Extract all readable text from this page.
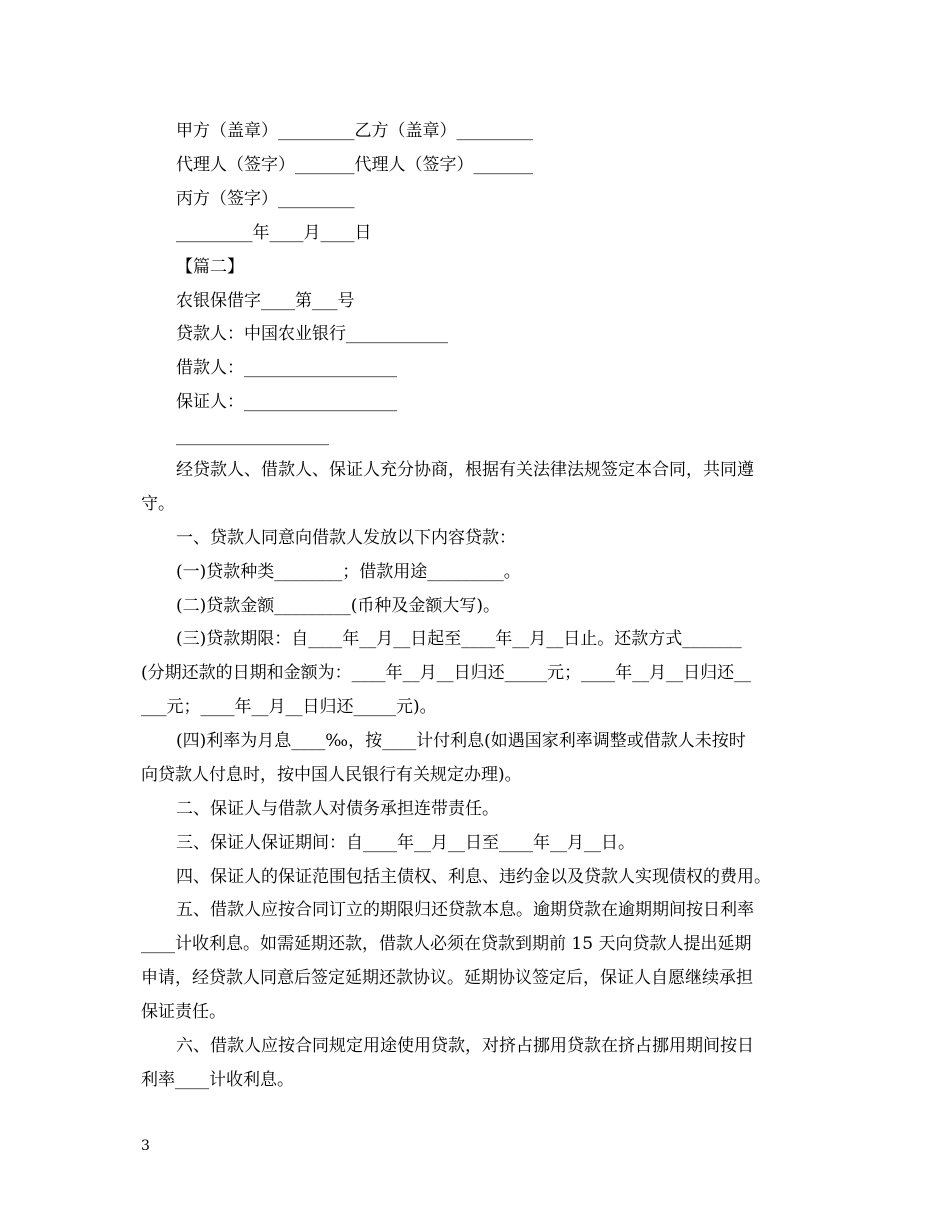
甲方（盖章）_________乙方（盖章）_________
代理人（签字）_______代理人（签字）_______
丙方（签字）_________
_________年____月____日
【篇二】
农银保借字____第___号
贷款人：中国农业银行____________
借款人：__________________
保证人：__________________
__________________
经贷款人、借款人、保证人充分协商，根据有关法律法规签定本合同，共同遵
守。
一、贷款人同意向借款人发放以下内容贷款：
(一)贷款种类________；借款用途_________。
(二)贷款金额_________(币种及金额大写)。
(三)贷款期限：自____年__月__日起至____年__月__日止。还款方式_______
(分期还款的日期和金额为：____年__月__日归还_____元；____年__月__日归还__
___元；____年__月__日归还_____元)。
(四)利率为月息____‰，按____计付利息(如遇国家利率调整或借款人未按时
向贷款人付息时，按中国人民银行有关规定办理)。
二、保证人与借款人对债务承担连带责任。
三、保证人保证期间：自____年__月__日至____年__月__日。
四、保证人的保证范围包括主债权、利息、违约金以及贷款人实现债权的费用。
五、借款人应按合同订立的期限归还贷款本息。逾期贷款在逾期期间按日利率
____计收利息。如需延期还款，借款人必须在贷款到期前 15 天向贷款人提出延期
申请，经贷款人同意后签定延期还款协议。延期协议签定后，保证人自愿继续承担
保证责任。
六、借款人应按合同规定用途使用贷款，对挤占挪用贷款在挤占挪用期间按日
利率____计收利息。
3
